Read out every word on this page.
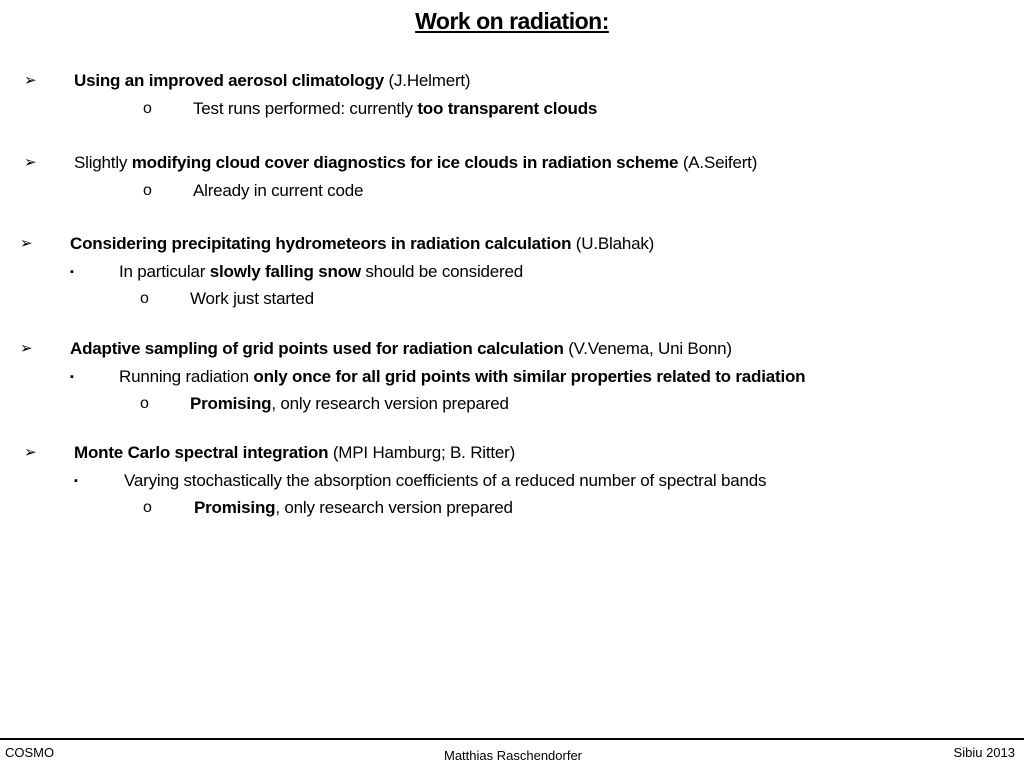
Work on radiation:
➢ Using an improved aerosol climatology (J.Helmert)
o Test runs performed: currently too transparent clouds
➢ Slightly modifying cloud cover diagnostics for ice clouds in radiation scheme (A.Seifert)
o Already in current code
➢ Considering precipitating hydrometeors in radiation calculation (U.Blahak)
▪	In particular slowly falling snow should be considered
o Work just started
➢ Adaptive sampling of grid points used for radiation calculation (V.Venema, Uni Bonn)
▪	Running radiation only once for all grid points with similar properties related to radiation
o Promising, only research version prepared
➢ Monte Carlo spectral integration (MPI Hamburg; B. Ritter)
▪	Varying stochastically the absorption coefficients of a reduced number of spectral bands
o Promising, only research version prepared
COSMO	Matthias Raschendorfer	Sibiu 2013
